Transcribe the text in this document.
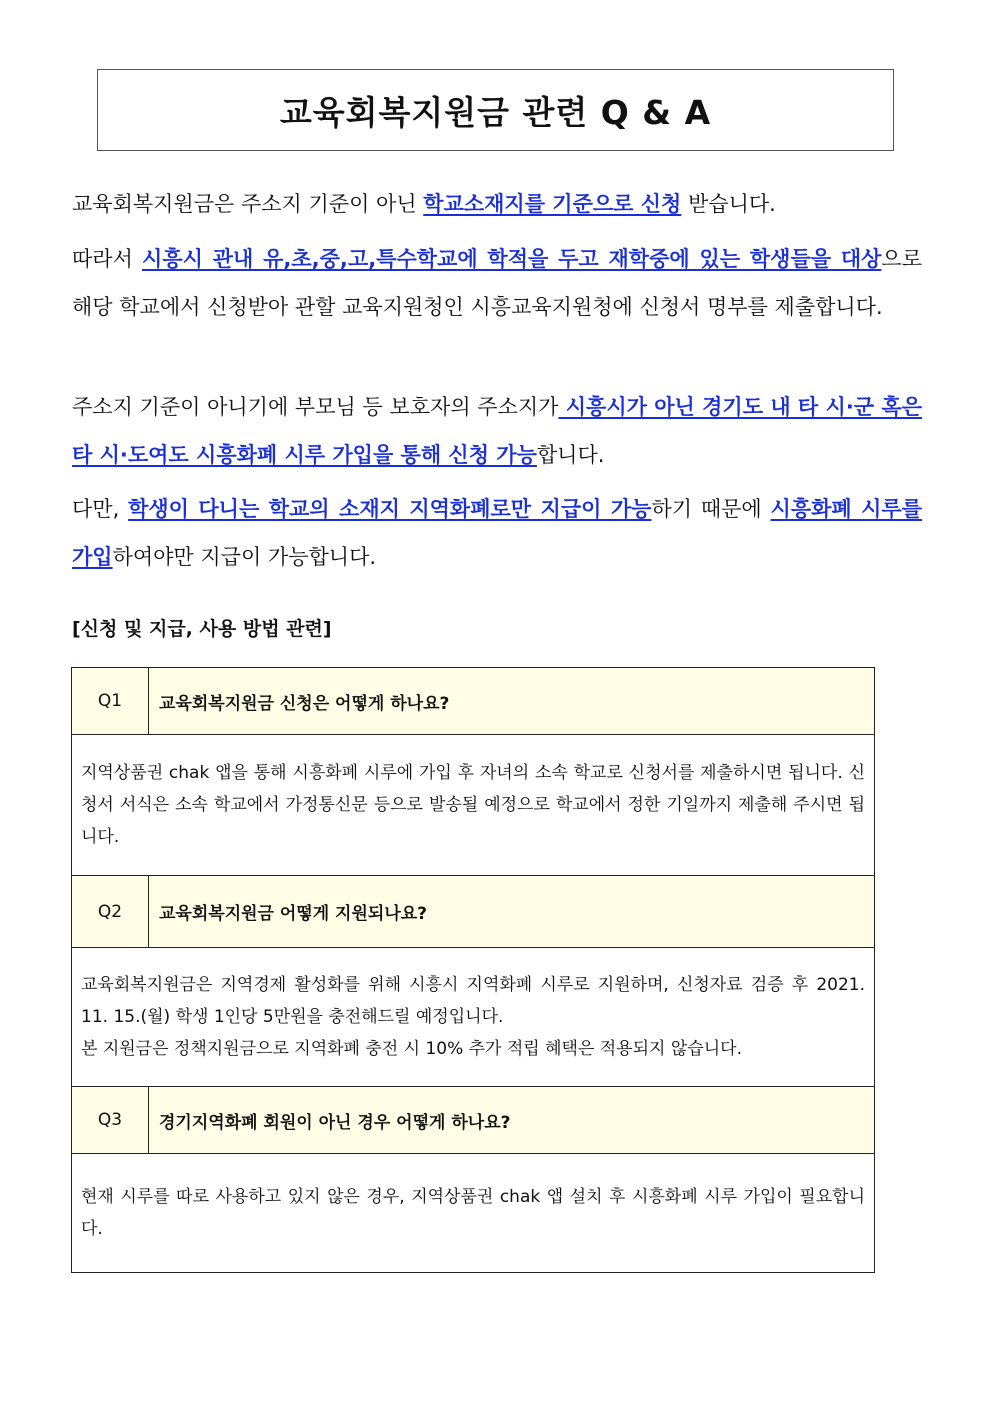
교육회복지원금 관련 Q & A

교육회복지원금은 주소지 기준이 아닌 학교소재지를 기준으로 신청 받습니다.

따라서 시흥시 관내 유,초,중,고,특수학교에 학적을 두고 재학중에 있는 학생들을 대상으로 해당 학교에서 신청받아 관할 교육지원청인 시흥교육지원청에 신청서 명부를 제출합니다.

주소지 기준이 아니기에 부모님 등 보호자의 주소지가 시흥시가 아닌 경기도 내 타 시·군 혹은 타 시·도여도 시흥화폐 시루 가입을 통해 신청 가능합니다.

다만, 학생이 다니는 학교의 소재지 지역화폐로만 지급이 가능하기 때문에 시흥화폐 시루를 가입하여야만 지급이 가능합니다.

[신청 및 지급, 사용 방법 관련]

Q1	교육회복지원금 신청은 어떻게 하나요?
지역상품권 chak 앱을 통해 시흥화폐 시루에 가입 후 자녀의 소속 학교로 신청서를 제출하시면 됩니다. 신청서 서식은 소속 학교에서 가정통신문 등으로 발송될 예정으로 학교에서 정한 기일까지 제출해 주시면 됩니다.	
Q2	교육회복지원금 어떻게 지원되나요?

교육회복지원금은 지역경제 활성화를 위해 시흥시 지역화폐 시루로 지원하며, 신청자료 검증 후 2021. 11. 15.(월) 학생 1인당 5만원을 충전해드릴 예정입니다.
본 지원금은 정책지원금으로 지역화폐 충전 시 10% 추가 적립 혜택은 적용되지 않습니다.	

Q3	경기지역화폐 회원이 아닌 경우 어떻게 하나요?
현재 시루를 따로 사용하고 있지 않은 경우, 지역상품권 chak 앱 설치 후 시흥화폐 시루 가입이 필요합니다.	
